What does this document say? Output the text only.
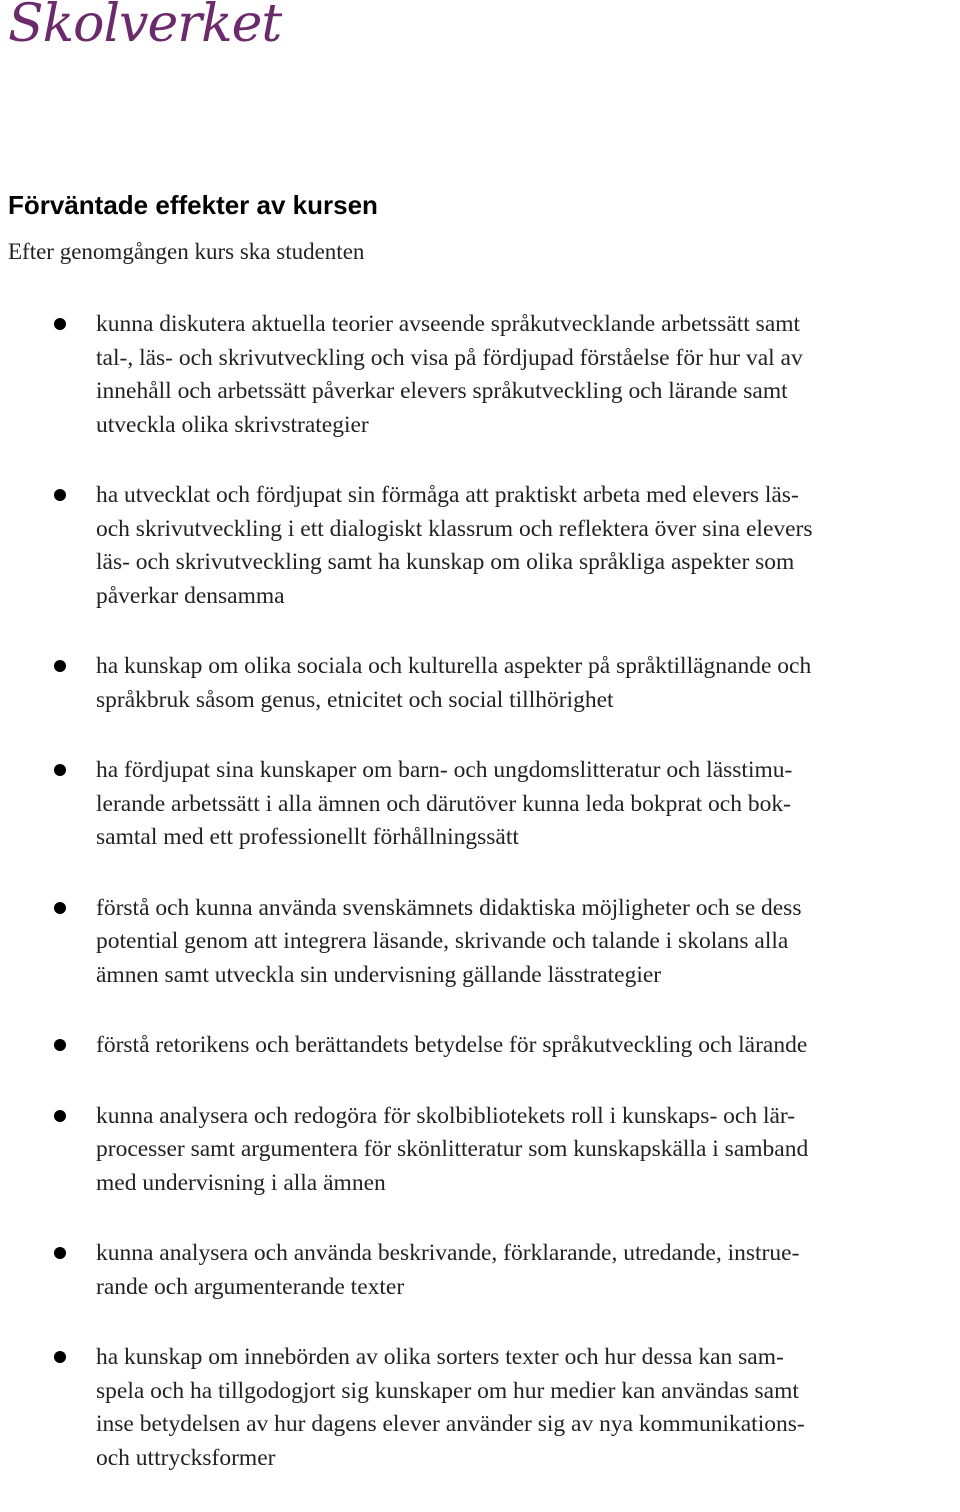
Skolverket
Förväntade effekter av kursen

Efter genomgången kurs ska studenten

kunna diskutera aktuella teorier avseende språkutvecklande arbetssätt samt
tal-, läs- och skrivutveckling och visa på fördjupad förståelse för hur val av
innehåll och arbetssätt påverkar elevers språkutveckling och lärande samt
utveckla olika skrivstrategier
ha utvecklat och fördjupat sin förmåga att praktiskt arbeta med elevers läs-
och skrivutveckling i ett dialogiskt klassrum och reflektera över sina elevers
läs- och skrivutveckling samt ha kunskap om olika språkliga aspekter som
påverkar densamma
ha kunskap om olika sociala och kulturella aspekter på språktillägnande och
språkbruk såsom genus, etnicitet och social tillhörighet
ha fördjupat sina kunskaper om barn- och ungdomslitteratur och lässtimu-
lerande arbetssätt i alla ämnen och därutöver kunna leda bokprat och bok-
samtal med ett professionellt förhållningssätt
förstå och kunna använda svenskämnets didaktiska möjligheter och se dess
potential genom att integrera läsande, skrivande och talande i skolans alla
ämnen samt utveckla sin undervisning gällande lässtrategier
förstå retorikens och berättandets betydelse för språkutveckling och lärande
kunna analysera och redogöra för skolbibliotekets roll i kunskaps- och lär-
processer samt argumentera för skönlitteratur som kunskapskälla i samband
med undervisning i alla ämnen
kunna analysera och använda beskrivande, förklarande, utredande, instrue-
rande och argumenterande texter
ha kunskap om innebörden av olika sorters texter och hur dessa kan sam-
spela och ha tillgodogjort sig kunskaper om hur medier kan användas samt
inse betydelsen av hur dagens elever använder sig av nya kommunikations-
och uttrycksformer
